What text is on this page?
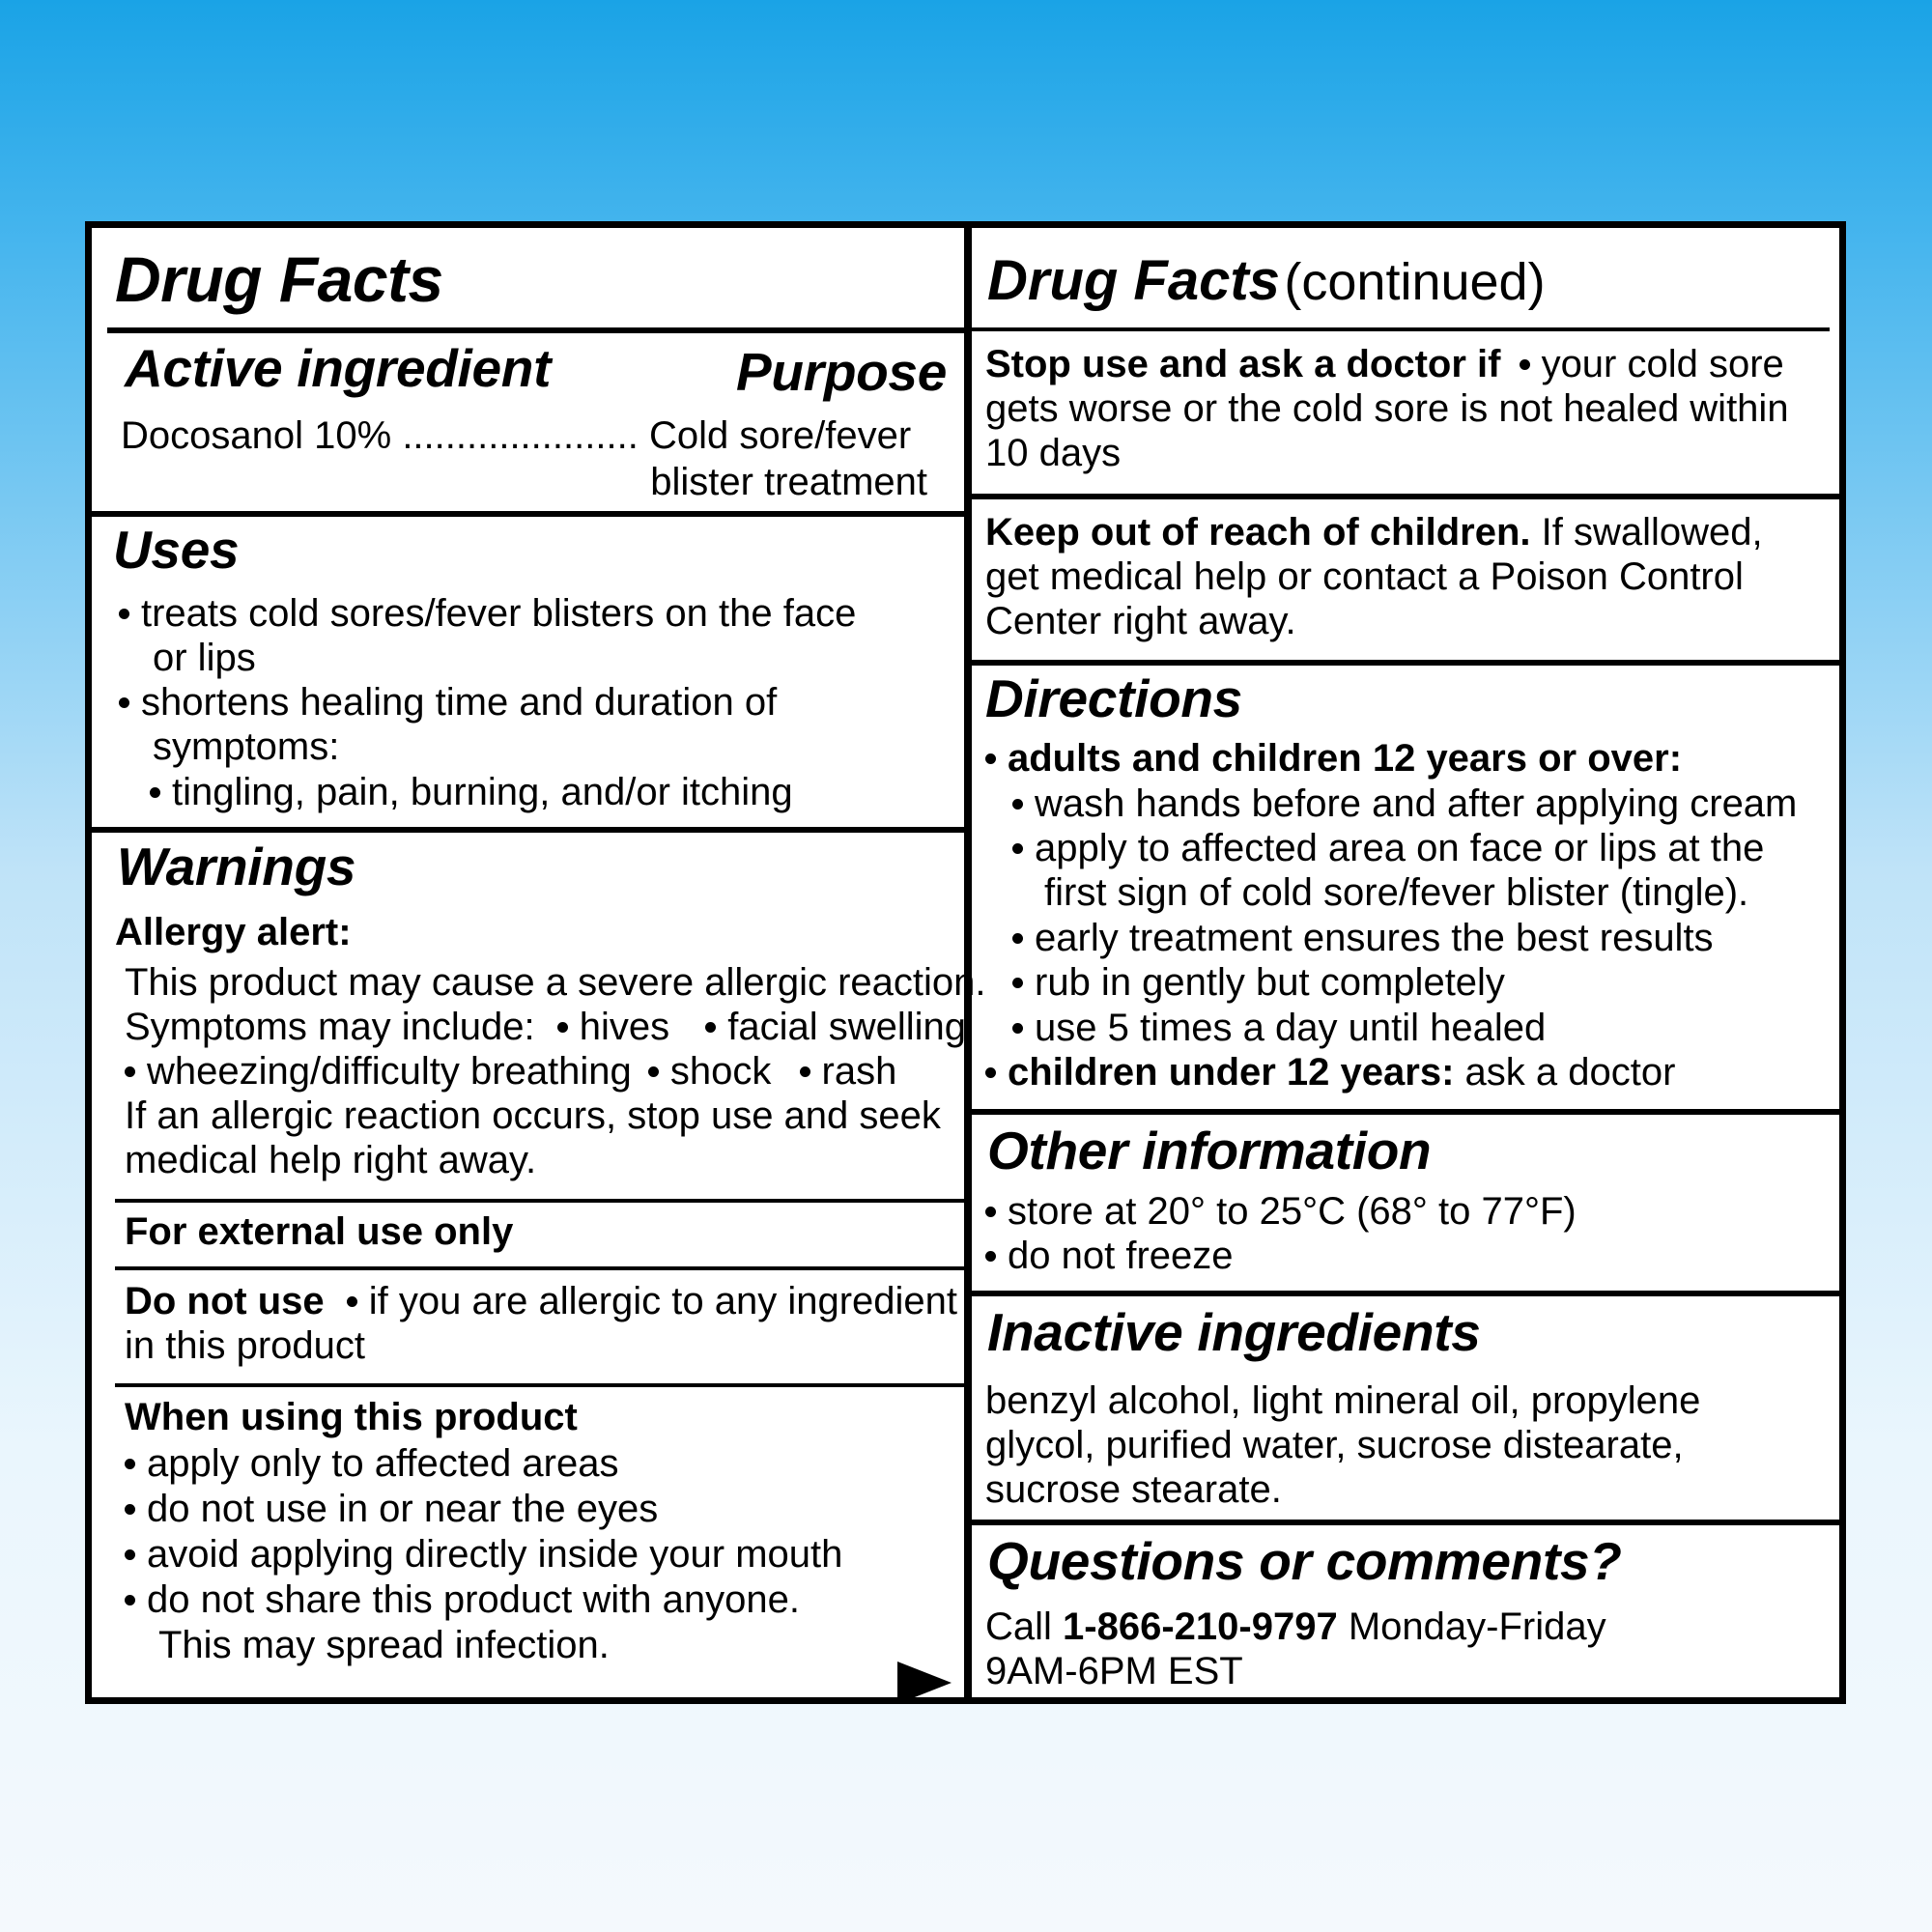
Drug Facts
Active ingredient	Purpose
Docosanol 10% ...................... Cold sore/fever
blister treatment
Uses
treats cold sores/fever blisters on the face
or lips
shortens healing time and duration of
symptoms:
tingling, pain, burning, and/or itching
Warnings
Allergy alert:
This product may cause a severe allergic reaction.
Symptoms may include: hives facial swelling
wheezing/difficulty breathing shock rash
If an allergic reaction occurs, stop use and seek
medical help right away.
For external use only
Do not use if you are allergic to any ingredient
in this product
When using this product
apply only to affected areas
do not use in or near the eyes
avoid applying directly inside your mouth
do not share this product with anyone.
This may spread infection.
Drug Facts (continued)
Stop use and ask a doctor if your cold sore
gets worse or the cold sore is not healed within
10 days
Keep out of reach of children. If swallowed,
get medical help or contact a Poison Control
Center right away.
Directions
adults and children 12 years or over:
wash hands before and after applying cream
apply to affected area on face or lips at the
first sign of cold sore/fever blister (tingle).
early treatment ensures the best results
rub in gently but completely
use 5 times a day until healed
children under 12 years: ask a doctor
Other information
store at 20° to 25°C (68° to 77°F)
do not freeze
Inactive ingredients
benzyl alcohol, light mineral oil, propylene
glycol, purified water, sucrose distearate,
sucrose stearate.
Questions or comments?
Call 1-866-210-9797 Monday-Friday
9AM-6PM EST
